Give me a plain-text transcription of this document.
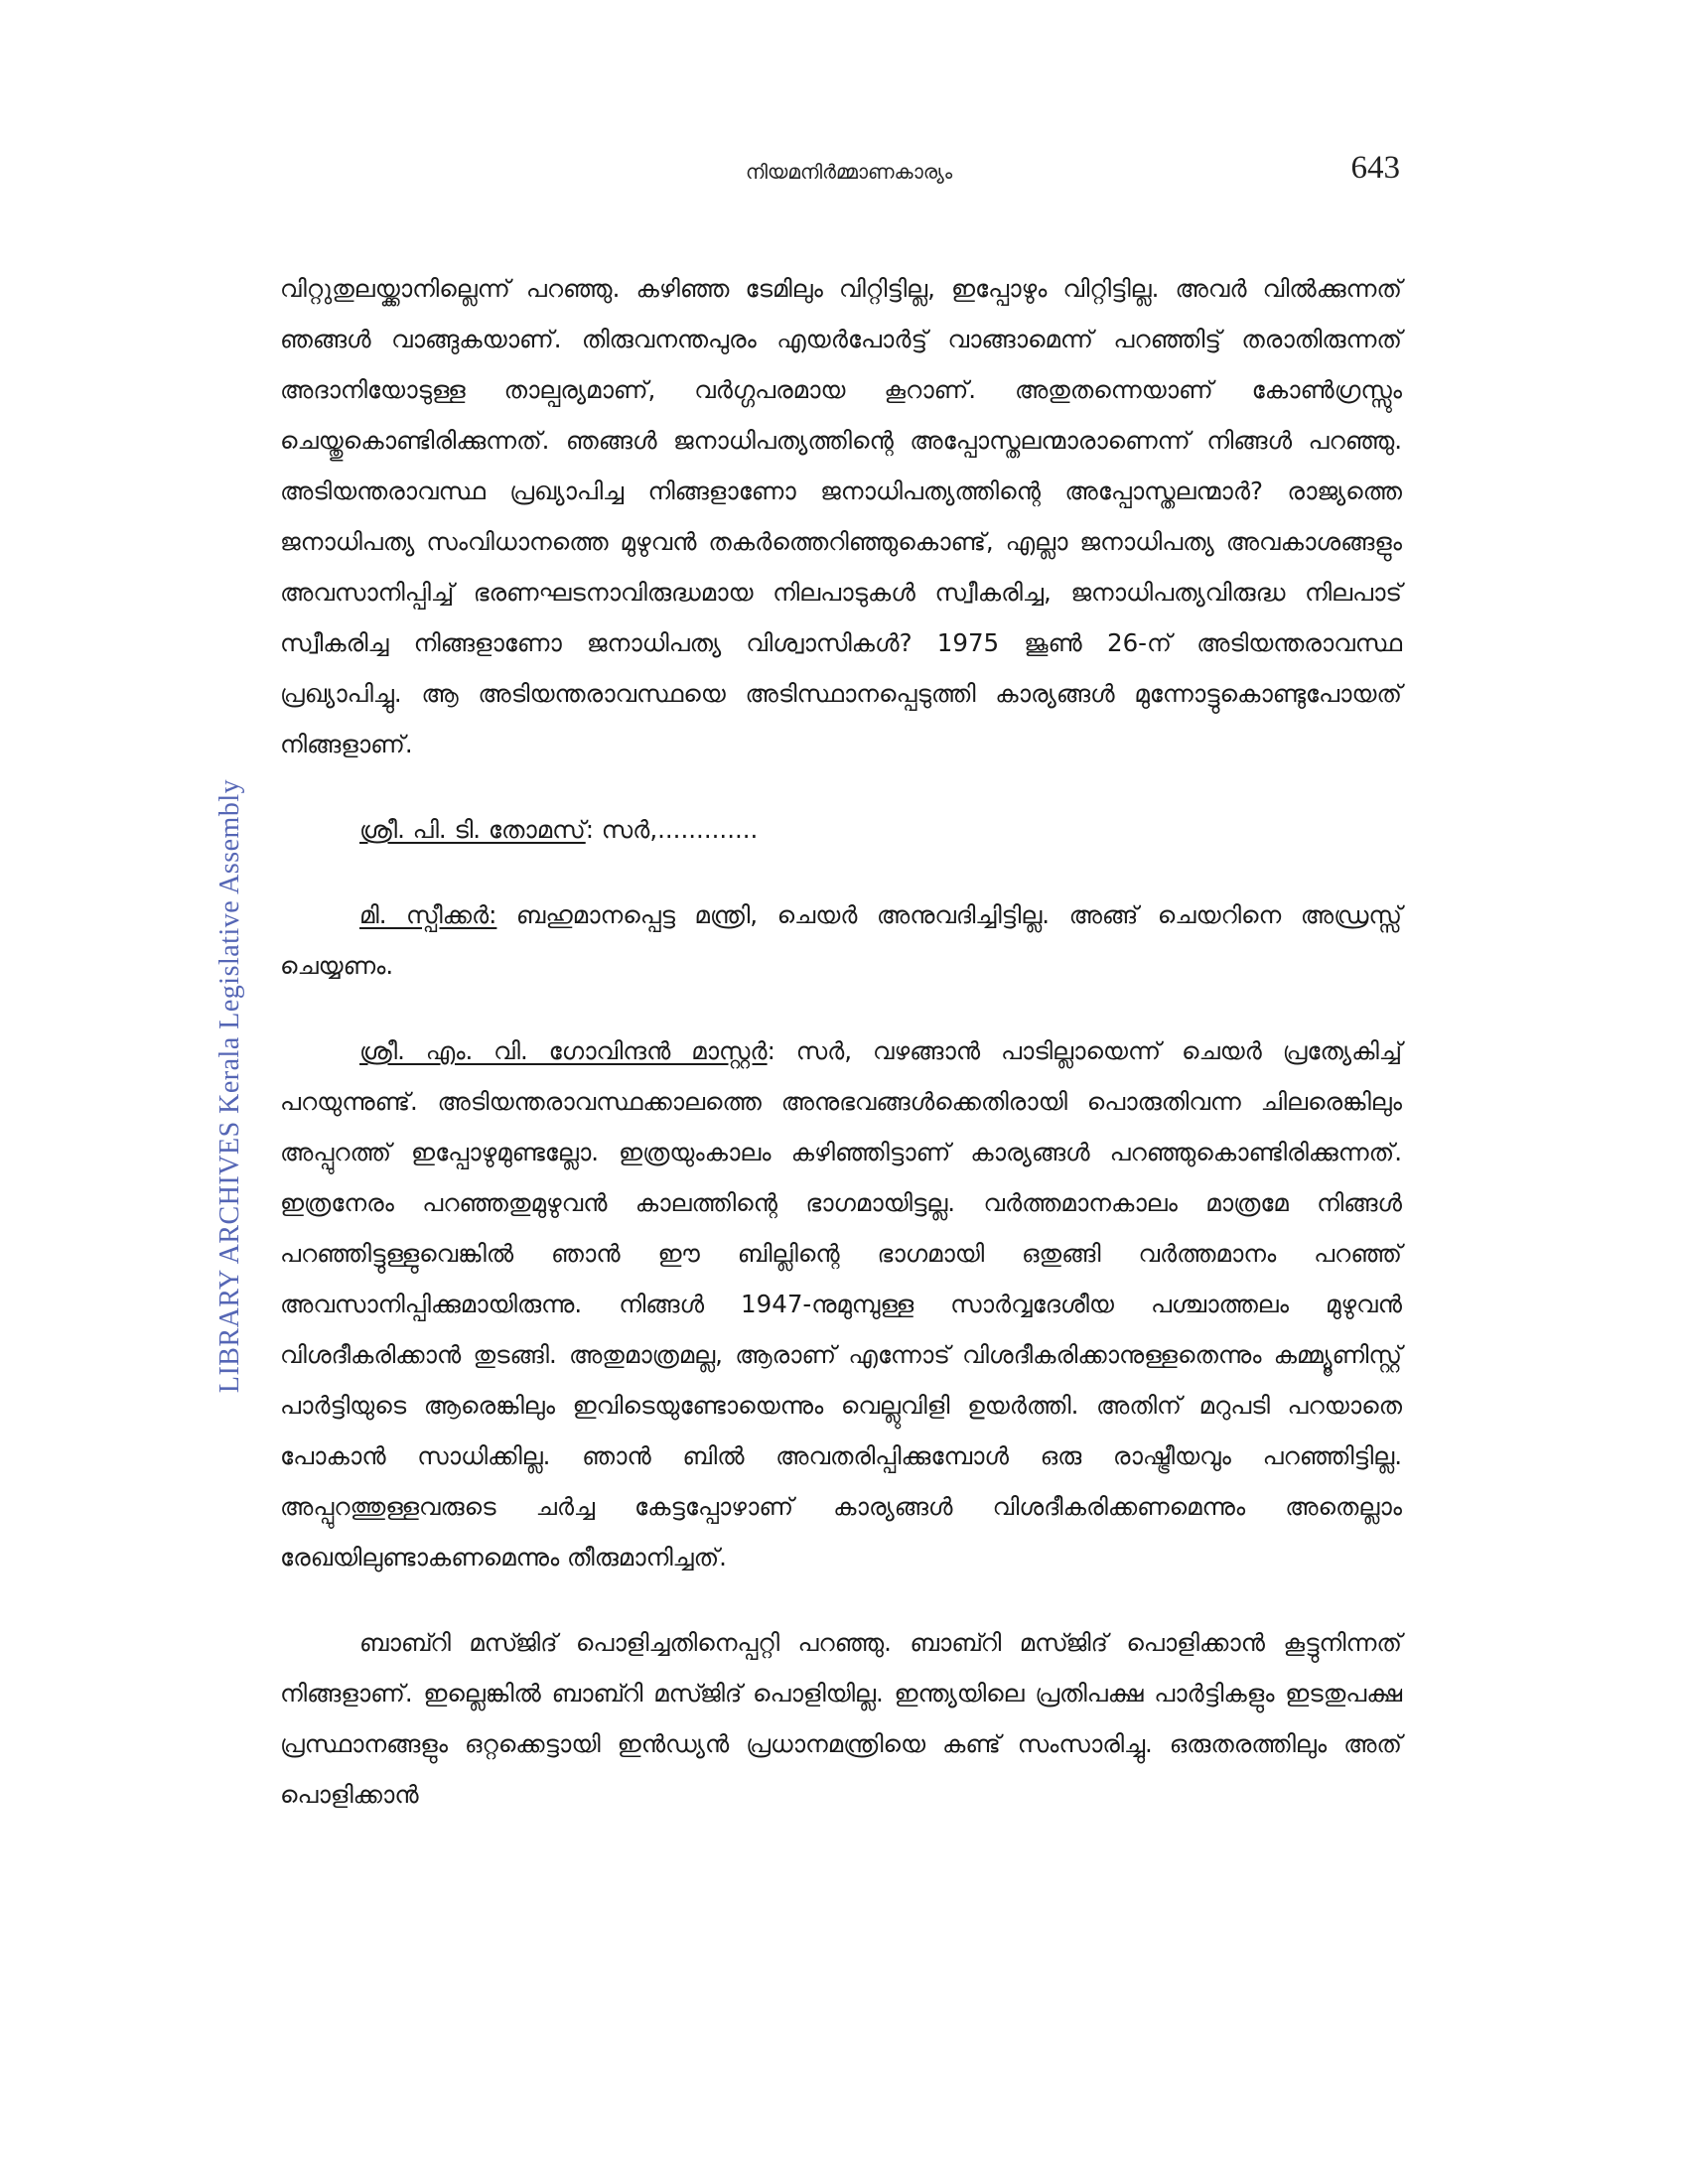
നിയമനിർമ്മാണകാര്യം	643
LIBRARY ARCHIVES Kerala Legislative Assembly

വിറ്റുതുലയ്ക്കാനില്ലെന്ന് പറഞ്ഞു. കഴിഞ്ഞ ടേമിലും വിറ്റിട്ടില്ല, ഇപ്പോഴും വിറ്റിട്ടില്ല. അവർ വിൽക്കുന്നത് ഞങ്ങൾ വാങ്ങുകയാണ്. തിരുവനന്തപുരം എയർപോർട്ട് വാങ്ങാമെന്ന് പറഞ്ഞിട്ട് തരാതിരുന്നത് അദാനിയോടുള്ള താല്പര്യമാണ്, വർഗ്ഗപരമായ കൂറാണ്. അതുതന്നെയാണ് കോൺഗ്രസ്സും ചെയ്തുകൊണ്ടിരിക്കുന്നത്. ഞങ്ങൾ ജനാധിപത്യത്തിന്റെ അപ്പോസ്തലന്മാരാണെന്ന് നിങ്ങൾ പറഞ്ഞു. അടിയന്തരാവസ്ഥ പ്രഖ്യാപിച്ച നിങ്ങളാണോ ജനാധിപത്യത്തിന്റെ അപ്പോസ്തലന്മാർ? രാജ്യത്തെ ജനാധിപത്യ സംവിധാനത്തെ മുഴുവൻ തകർത്തെറിഞ്ഞുകൊണ്ട്, എല്ലാ ജനാധിപത്യ അവകാശങ്ങളും അവസാനിപ്പിച്ച് ഭരണഘടനാവിരുദ്ധമായ നിലപാടുകൾ സ്വീകരിച്ച, ജനാധിപത്യവിരുദ്ധ നിലപാട് സ്വീകരിച്ച നിങ്ങളാണോ ജനാധിപത്യ വിശ്വാസികൾ? 1975 ജൂൺ 26-ന് അടിയന്തരാവസ്ഥ പ്രഖ്യാപിച്ചു. ആ അടിയന്തരാവസ്ഥയെ അടിസ്ഥാനപ്പെടുത്തി കാര്യങ്ങൾ മുന്നോട്ടുകൊണ്ടുപോയത് നിങ്ങളാണ്.

ശ്രീ. പി. ടി. തോമസ്: സർ,.............

മി. സ്പീക്കർ: ബഹുമാനപ്പെട്ട മന്ത്രി, ചെയർ അനുവദിച്ചിട്ടില്ല. അങ്ങ് ചെയറിനെ അഡ്രസ്സ് ചെയ്യണം.

ശ്രീ. എം. വി. ഗോവിന്ദൻ മാസ്റ്റർ: സർ, വഴങ്ങാൻ പാടില്ലായെന്ന് ചെയർ പ്രത്യേകിച്ച് പറയുന്നുണ്ട്. അടിയന്തരാവസ്ഥക്കാലത്തെ അനുഭവങ്ങൾക്കെതിരായി പൊരുതിവന്ന ചിലരെങ്കിലും അപ്പുറത്ത് ഇപ്പോഴുമുണ്ടല്ലോ. ഇത്രയുംകാലം കഴിഞ്ഞിട്ടാണ് കാര്യങ്ങൾ പറഞ്ഞുകൊണ്ടിരിക്കുന്നത്. ഇത്രനേരം പറഞ്ഞതുമുഴുവൻ കാലത്തിന്റെ ഭാഗമായിട്ടല്ല. വർത്തമാനകാലം മാത്രമേ നിങ്ങൾ പറഞ്ഞിട്ടുള്ളുവെങ്കിൽ ഞാൻ ഈ ബില്ലിന്റെ ഭാഗമായി ഒതുങ്ങി വർത്തമാനം പറഞ്ഞ് അവസാനിപ്പിക്കുമായിരുന്നു. നിങ്ങൾ 1947-നുമുമ്പുള്ള സാർവ്വദേശീയ പശ്ചാത്തലം മുഴുവൻ വിശദീകരിക്കാൻ തുടങ്ങി. അതുമാത്രമല്ല, ആരാണ് എന്നോട് വിശദീകരിക്കാനുള്ളതെന്നും കമ്മ്യൂണിസ്റ്റ് പാർട്ടിയുടെ ആരെങ്കിലും ഇവിടെയുണ്ടോയെന്നും വെല്ലുവിളി ഉയർത്തി. അതിന് മറുപടി പറയാതെ പോകാൻ സാധിക്കില്ല. ഞാൻ ബിൽ അവതരിപ്പിക്കുമ്പോൾ ഒരു രാഷ്ട്രീയവും പറഞ്ഞിട്ടില്ല. അപ്പുറത്തുള്ളവരുടെ ചർച്ച കേട്ടപ്പോഴാണ് കാര്യങ്ങൾ വിശദീകരിക്കണമെന്നും അതെല്ലാം രേഖയിലുണ്ടാകണമെന്നും തീരുമാനിച്ചത്.

ബാബ്റി മസ്ജിദ് പൊളിച്ചതിനെപ്പറ്റി പറഞ്ഞു. ബാബ്റി മസ്ജിദ് പൊളിക്കാൻ കൂട്ടുനിന്നത് നിങ്ങളാണ്. ഇല്ലെങ്കിൽ ബാബ്റി മസ്ജിദ് പൊളിയില്ല. ഇന്ത്യയിലെ പ്രതിപക്ഷ പാർട്ടികളും ഇടതുപക്ഷ പ്രസ്ഥാനങ്ങളും ഒറ്റക്കെട്ടായി ഇൻഡ്യൻ പ്രധാനമന്ത്രിയെ കണ്ട് സംസാരിച്ചു. ഒരുതരത്തിലും അത് പൊളിക്കാൻ
